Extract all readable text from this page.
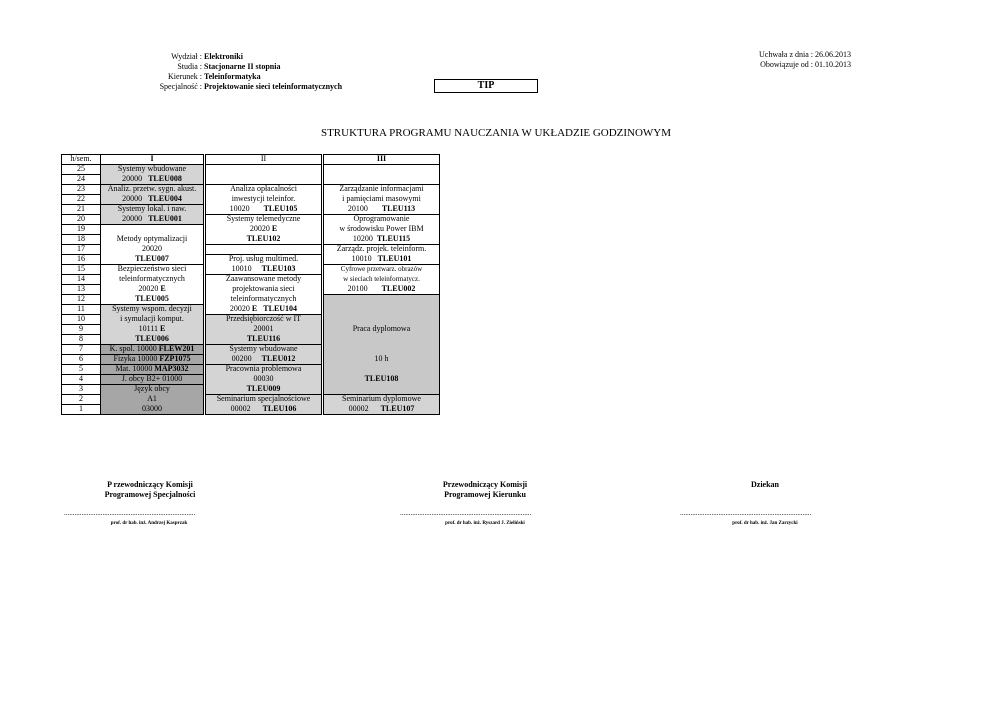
Wydział :
Elektroniki
Studia :
Stacjonarne II stopnia
Kierunek :
Teleinformatyka
Specjalność :
Projektowanie sieci teleinformatycznych
Uchwała z dnia :
26.06.2013
Obowiązuje od :
01.10.2013
TIP
STRUKTURA PROGRAMU NAUCZANIA W UKŁADZIE GODZINOWYM
h/sem.	I		II		III
25	Systemy wbudowane				
24	20000 TLEU008				
23	Analiz. przetw. sygn. akust.		Analiza opłacalności		Zarządzanie informacjami
22	20000 TLEU004		inwestycji teleinfor.		i pamięciami masowymi
21	Systemy lokal. i naw.		10020 TLEU105		20100 TLEU113
20	20000 TLEU001		Systemy telemedyczne		Oprogramowanie
19			20020 E		w środowisku Power IBM
18	Metody optymalizacji		TLEU102		10200 TLEU115
17	20020				Zarządz. projek. teleinform.
16	TLEU007		Proj. usług multimed.		10010 TLEU101
15	Bezpieczeństwo sieci		10010 TLEU103		Cyfrowe przetwarz. obrazów
14	teleinformatycznych		Zaawansowane metody		w sieciach teleinformatycz.
13	20020 E		projektowania sieci		20100 TLEU002
12	TLEU005		teleinformatycznych		
11	Systemy wspom. decyzji		20020 E TLEU104		
10	i symulacji komput.		Przedsiębiorczość w IT		
9	10111 E		20001		Praca dyplomowa
8	TLEU006		TLEU116		
7	K. spol. 10000 FLEW201		Systemy wbudowane		
6	Fizyka 10000 FZP1075		00200 TLEU012		10 h
5	Mat. 10000 MAP3032		Pracownia problemowa		
4	J. obcy B2+ 01000		00030		TLEU108
3	Język obcy		TLEU009		
2	A1		Seminarium specjalnościowe		Seminarium dyplomowe
1	03000		00002 TLEU106		00002 TLEU107
P rzewodniczący Komisji
Programowej Specjalności
...........................................................................
prof. dr hab. inż. Andrzej Kasprzak
Przewodniczący Komisji
Programowej Kierunku
...........................................................................
prof. dr hab. inż. Ryszard J. Zieliński
Dziekan
...........................................................................
prof. dr hab. inż. Jan Zarzycki
